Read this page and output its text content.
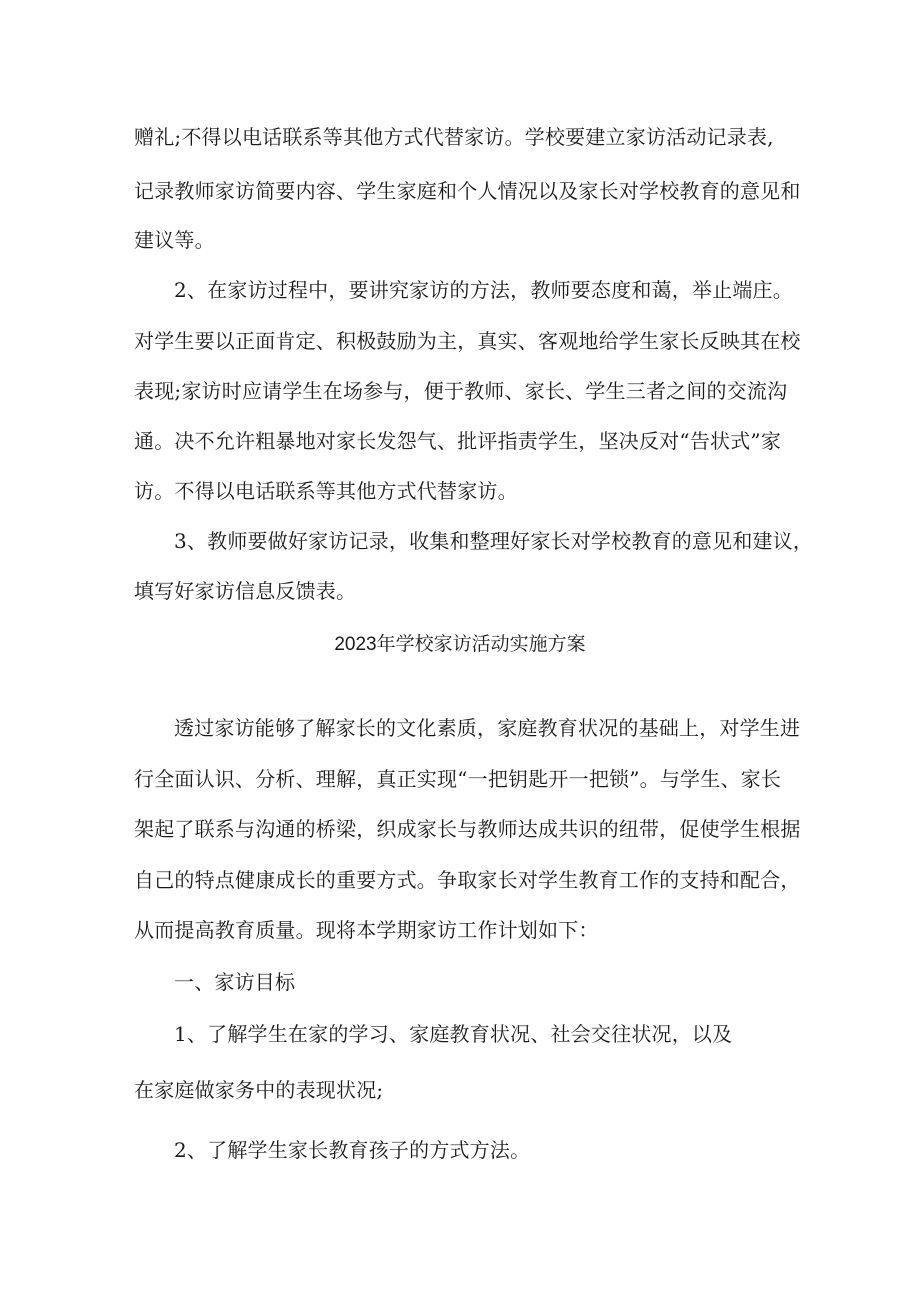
赠礼;不得以电话联系等其他方式代替家访。学校要建立家访活动记录表,
记录教师家访简要内容、学生家庭和个人情况以及家长对学校教育的意见和
建议等。
2、在家访过程中，要讲究家访的方法，教师要态度和蔼，举止端庄。
对学生要以正面肯定、积极鼓励为主，真实、客观地给学生家长反映其在校
表现;家访时应请学生在场参与，便于教师、家长、学生三者之间的交流沟
通。决不允许粗暴地对家长发怨气、批评指责学生，坚决反对“告状式”家
访。不得以电话联系等其他方式代替家访。
3、教师要做好家访记录，收集和整理好家长对学校教育的意见和建议，
填写好家访信息反馈表。
2023年学校家访活动实施方案
透过家访能够了解家长的文化素质，家庭教育状况的基础上，对学生进
行全面认识、分析、理解，真正实现“一把钥匙开一把锁”。与学生、家长
架起了联系与沟通的桥梁，织成家长与教师达成共识的纽带，促使学生根据
自己的特点健康成长的重要方式。争取家长对学生教育工作的支持和配合，
从而提高教育质量。现将本学期家访工作计划如下：
一、家访目标
1、了解学生在家的学习、家庭教育状况、社会交往状况，以及
在家庭做家务中的表现状况;
2、了解学生家长教育孩子的方式方法。
